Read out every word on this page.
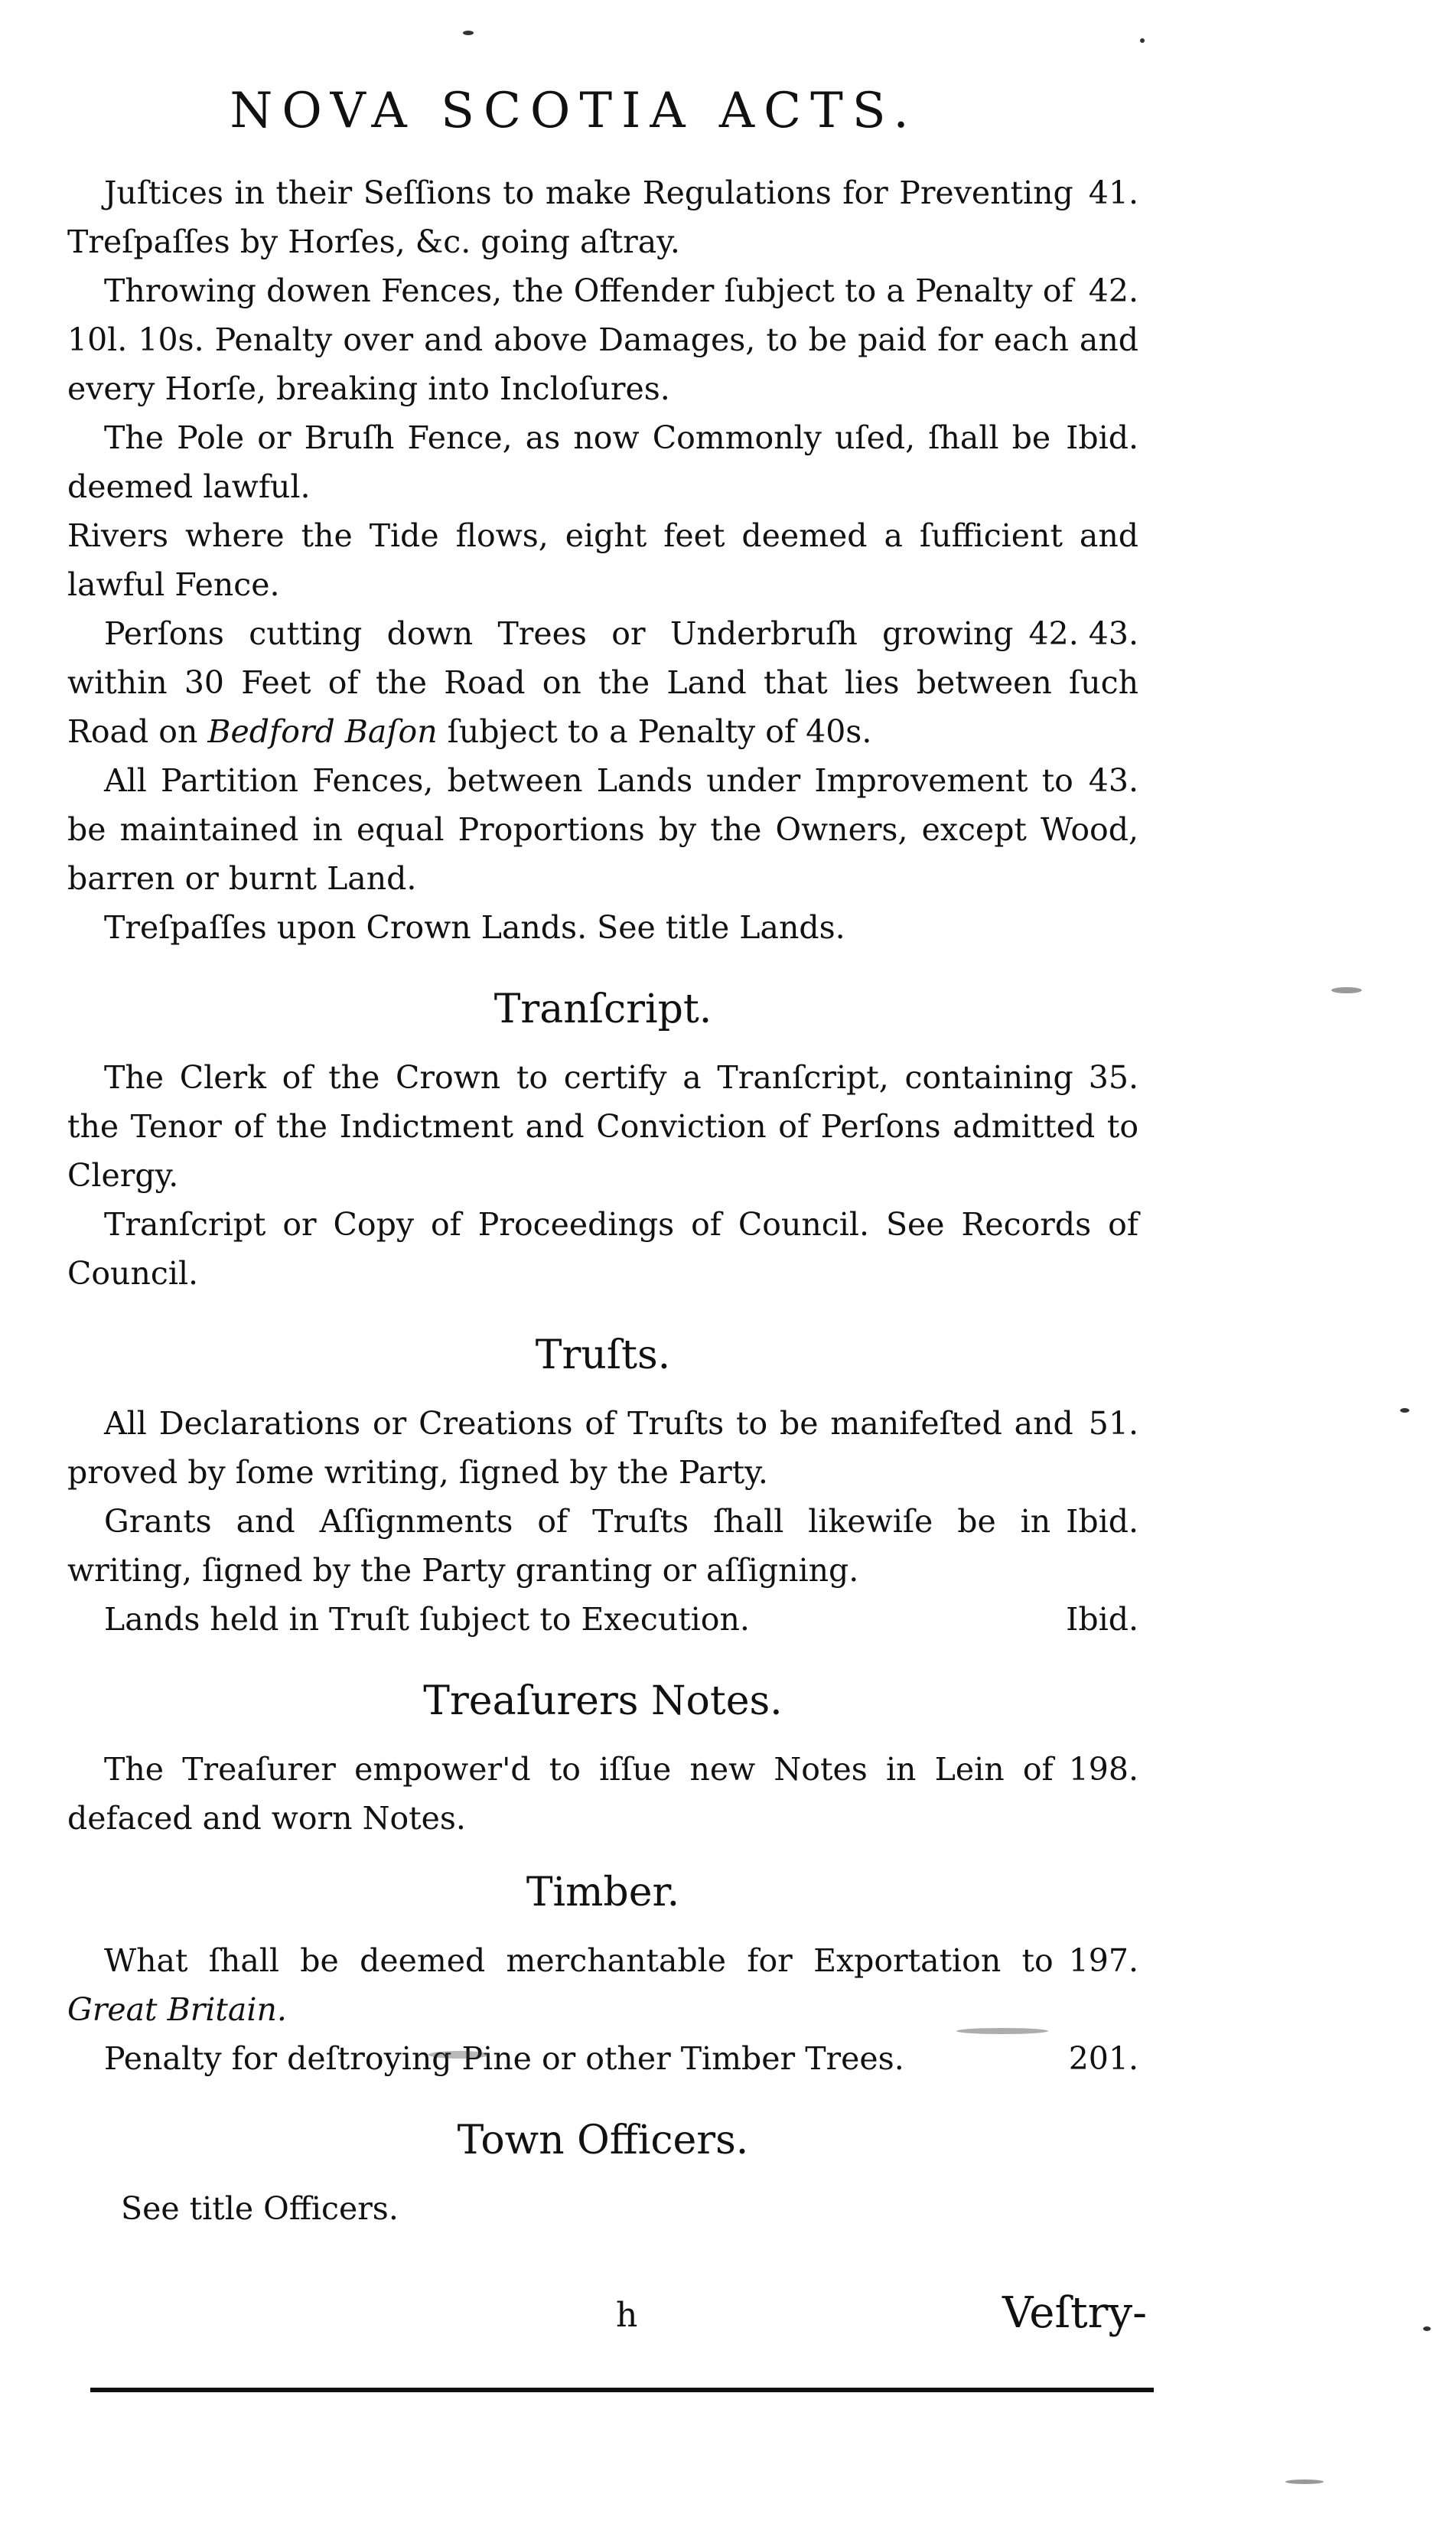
NOVA SCOTIA ACTS.

41.
Juſtices in their Seſſions to make Regulations for Preventing Treſpaſſes by Horſes, &c. going aſtray.

42.
Throwing dowen Fences, the Offender ſubject to a Penalty of 10l. 10s. Penalty over and above Damages, to be paid for each and every Horſe, breaking into Incloſures.

Ibid.
The Pole or Bruſh Fence, as now Commonly uſed, ſhall be deemed lawful.

Rivers where the Tide flows, eight feet deemed a ſufficient and lawful Fence.

42. 43.
Perſons cutting down Trees or Underbruſh growing within 30 Feet of the Road on the Land that lies between ſuch Road on Bedford Baſon ſubject to a Penalty of 40s.

43.
All Partition Fences, between Lands under Improvement to be maintained in equal Proportions by the Owners, except Wood, barren or burnt Land.

Treſpaſſes upon Crown Lands. See title Lands.

Tranſcript.

35.
The Clerk of the Crown to certify a Tranſcript, containing the Tenor of the Indictment and Conviction of Perſons admitted to Clergy.

Tranſcript or Copy of Proceedings of Council. See Records of Council.

Truſts.

51.
All Declarations or Creations of Truſts to be manifeſted and proved by ſome writing, ſigned by the Party.

Ibid.
Grants and Aſſignments of Truſts ſhall likewiſe be in writing, ſigned by the Party granting or aſſigning.

Ibid.
Lands held in Truſt ſubject to Execution.

Treaſurers Notes.

198.
The Treaſurer empower'd to iſſue new Notes in Lein of defaced and worn Notes.

Timber.

197.
What ſhall be deemed merchantable for Exportation to Great Britain.

201.
Penalty for deſtroying Pine or other Timber Trees.

Town Officers.
See title Officers.
h	Veſtry-
